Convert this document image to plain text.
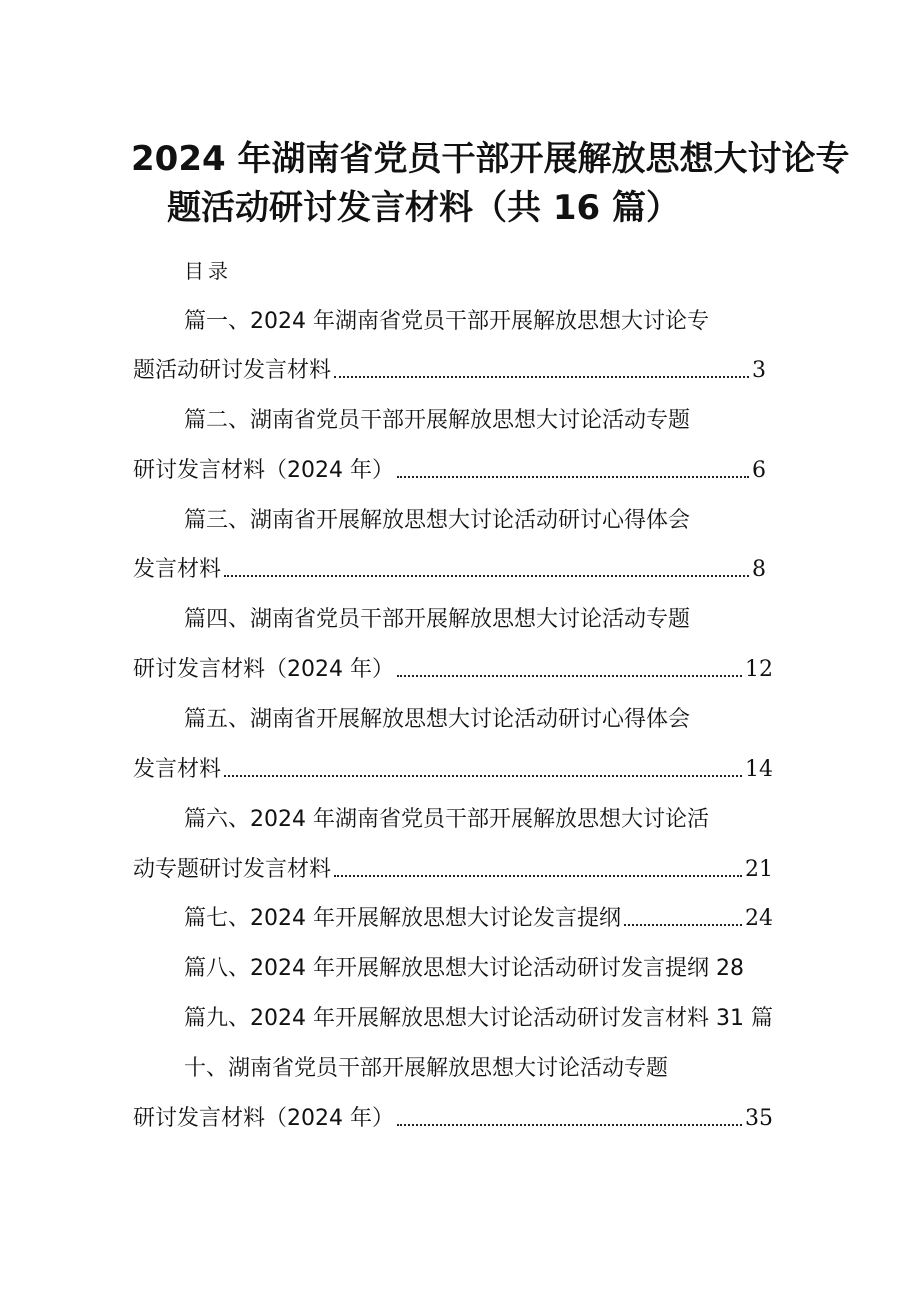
2024 年湖南省党员干部开展解放思想大讨论专
题活动研讨发言材料（共 16 篇）
目录
篇一、2024 年湖南省党员干部开展解放思想大讨论专
题活动研讨发言材料	3
篇二、湖南省党员干部开展解放思想大讨论活动专题
研讨发言材料（2024 年）	6
篇三、湖南省开展解放思想大讨论活动研讨心得体会
发言材料	8
篇四、湖南省党员干部开展解放思想大讨论活动专题
研讨发言材料（2024 年）	12
篇五、湖南省开展解放思想大讨论活动研讨心得体会
发言材料	14
篇六、2024 年湖南省党员干部开展解放思想大讨论活
动专题研讨发言材料	21
篇七、2024 年开展解放思想大讨论发言提纲	24
篇八、2024 年开展解放思想大讨论活动研讨发言提纲 28
篇九、2024 年开展解放思想大讨论活动研讨发言材料 31 篇
十、湖南省党员干部开展解放思想大讨论活动专题
研讨发言材料（2024 年）	35
